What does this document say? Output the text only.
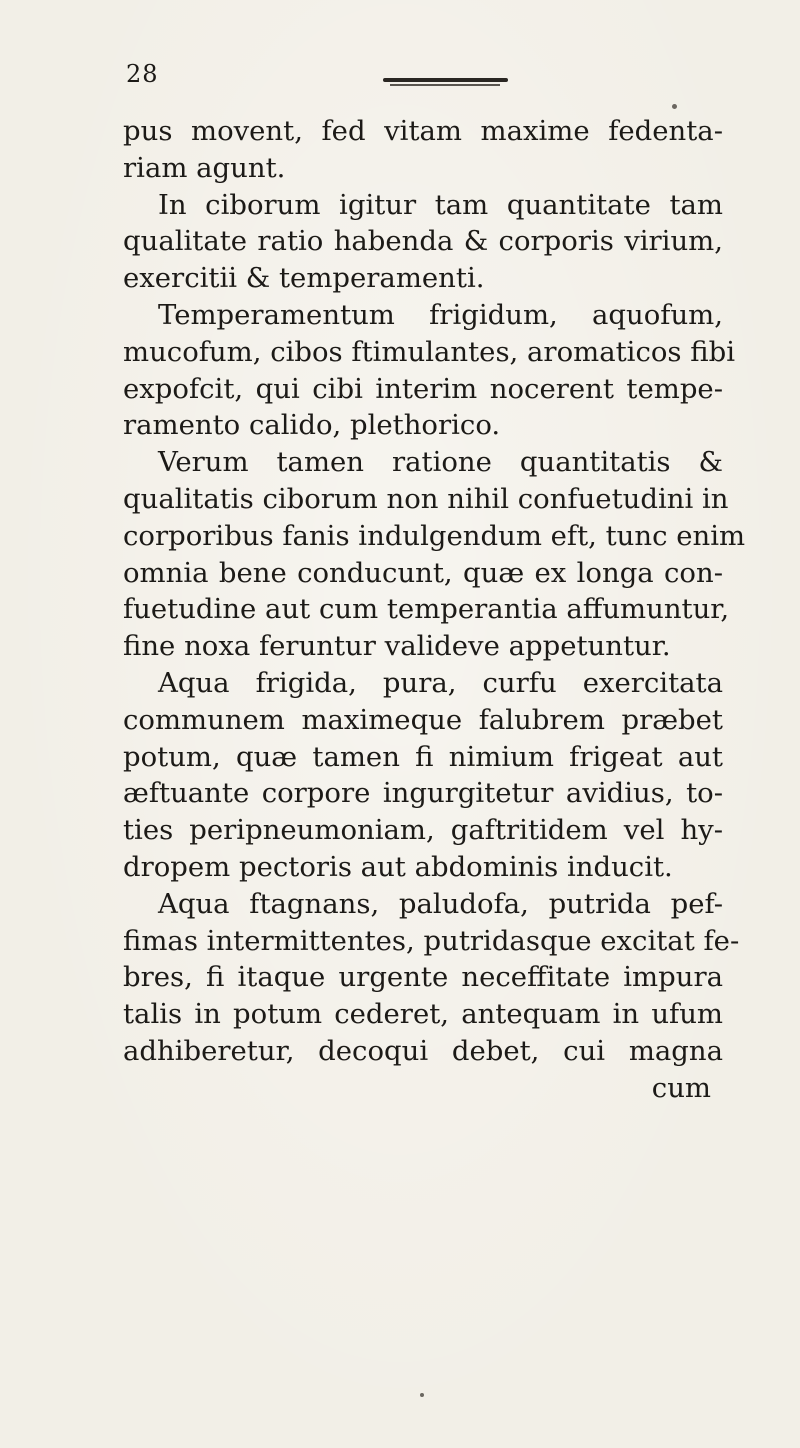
28
pus movent, fed vitam maxime fedenta-
riam agunt.
In ciborum igitur tam quantitate tam
qualitate ratio habenda & corporis virium,
exercitii & temperamenti.
Temperamentum frigidum, aquofum,
mucofum, cibos ftimulantes, aromaticos fibi
expofcit, qui cibi interim nocerent tempe-
ramento calido, plethorico.
Verum tamen ratione quantitatis &
qualitatis ciborum non nihil confuetudini in
corporibus fanis indulgendum eft, tunc enim
omnia bene conducunt, quæ ex longa con-
fuetudine aut cum temperantia affumuntur,
fine noxa feruntur valideve appetuntur.
Aqua frigida, pura, curfu exercitata
communem maximeque falubrem præbet
potum, quæ tamen fi nimium frigeat aut
æftuante corpore ingurgitetur avidius, to-
ties peripneumoniam, gaftritidem vel hy-
dropem pectoris aut abdominis inducit.
Aqua ftagnans, paludofa, putrida pef-
fimas intermittentes, putridasque excitat fe-
bres, fi itaque urgente neceffitate impura
talis in potum cederet, antequam in ufum
adhiberetur, decoqui debet, cui magna
cum
